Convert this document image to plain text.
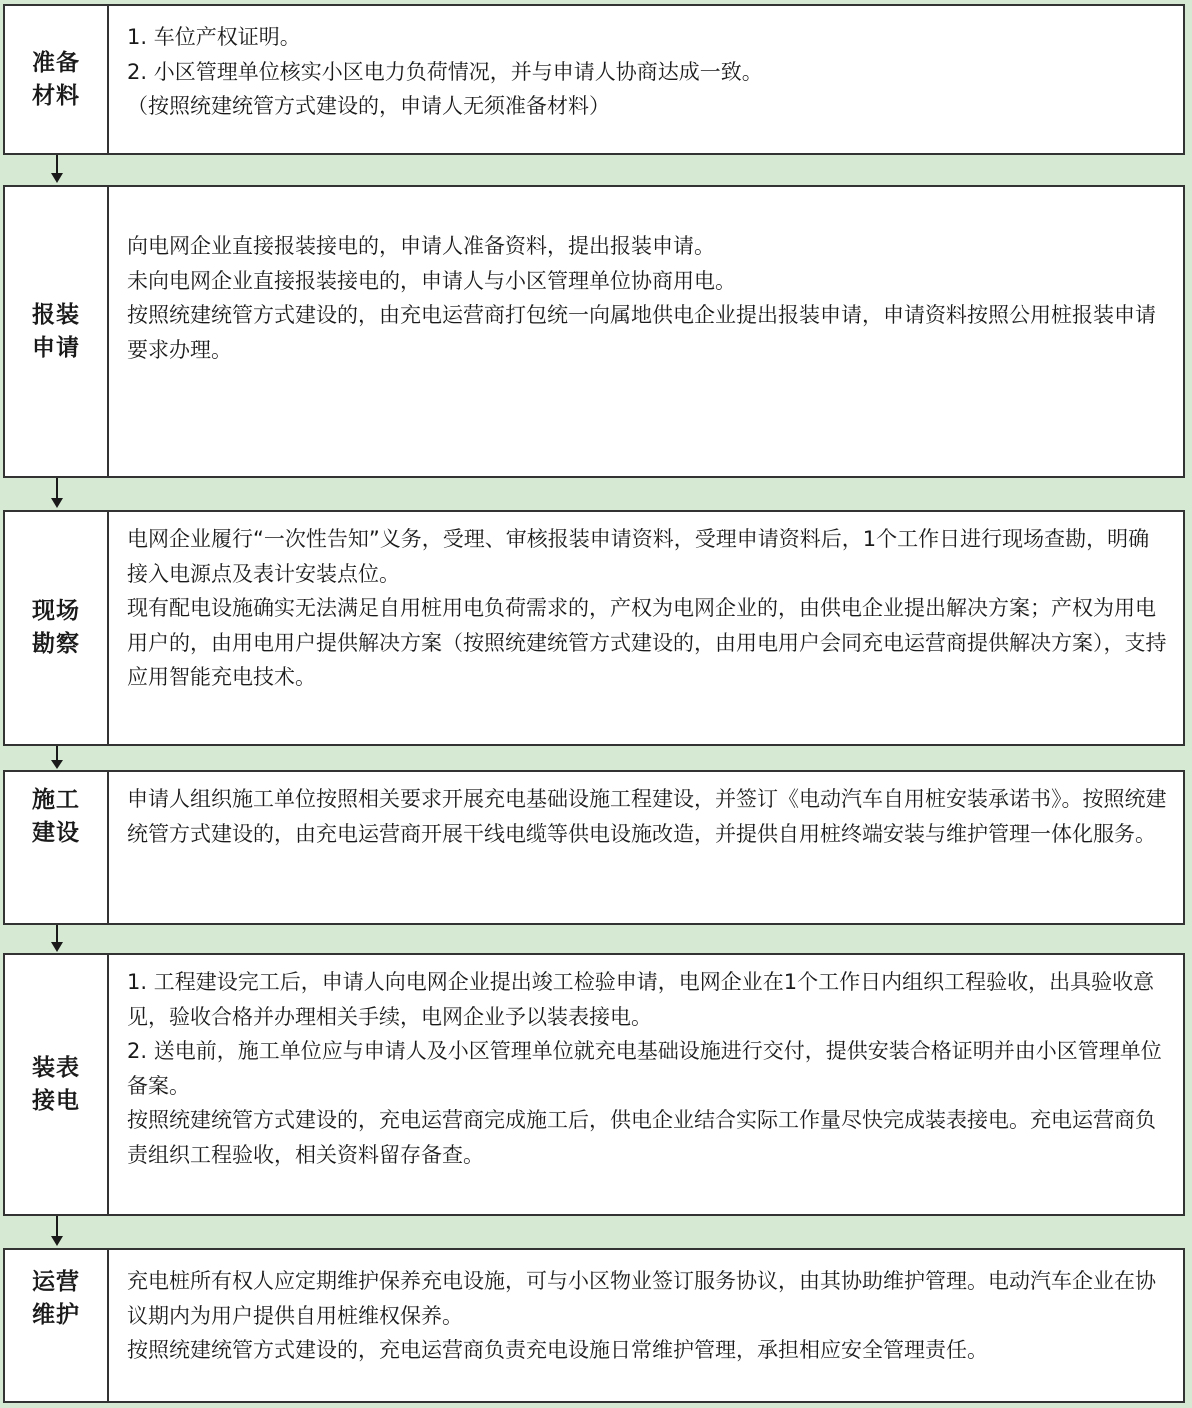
准备材料

1. 车位产权证明。

2. 小区管理单位核实小区电力负荷情况，并与申请人协商达成一致。

（按照统建统管方式建设的，申请人无须准备材料）

报装申请

向电网企业直接报装接电的，申请人准备资料，提出报装申请。

未向电网企业直接报装接电的，申请人与小区管理单位协商用电。

按照统建统管方式建设的，由充电运营商打包统一向属地供电企业提出报装申请，申请资料按照公用桩报装申请要求办理。

现场勘察

电网企业履行“一次性告知”义务，受理、审核报装申请资料，受理申请资料后，1个工作日进行现场查勘，明确接入电源点及表计安装点位。

现有配电设施确实无法满足自用桩用电负荷需求的，产权为电网企业的，由供电企业提出解决方案；产权为用电用户的，由用电用户提供解决方案（按照统建统管方式建设的，由用电用户会同充电运营商提供解决方案），支持应用智能充电技术。

施工建设

申请人组织施工单位按照相关要求开展充电基础设施工程建设，并签订《电动汽车自用桩安装承诺书》。按照统建统管方式建设的，由充电运营商开展干线电缆等供电设施改造，并提供自用桩终端安装与维护管理一体化服务。

装表接电

1. 工程建设完工后，申请人向电网企业提出竣工检验申请，电网企业在1个工作日内组织工程验收，出具验收意见，验收合格并办理相关手续，电网企业予以装表接电。

2. 送电前，施工单位应与申请人及小区管理单位就充电基础设施进行交付，提供安装合格证明并由小区管理单位备案。

按照统建统管方式建设的，充电运营商完成施工后，供电企业结合实际工作量尽快完成装表接电。充电运营商负责组织工程验收，相关资料留存备查。

运营维护

充电桩所有权人应定期维护保养充电设施，可与小区物业签订服务协议，由其协助维护管理。电动汽车企业在协议期内为用户提供自用桩维权保养。

按照统建统管方式建设的，充电运营商负责充电设施日常维护管理，承担相应安全管理责任。
